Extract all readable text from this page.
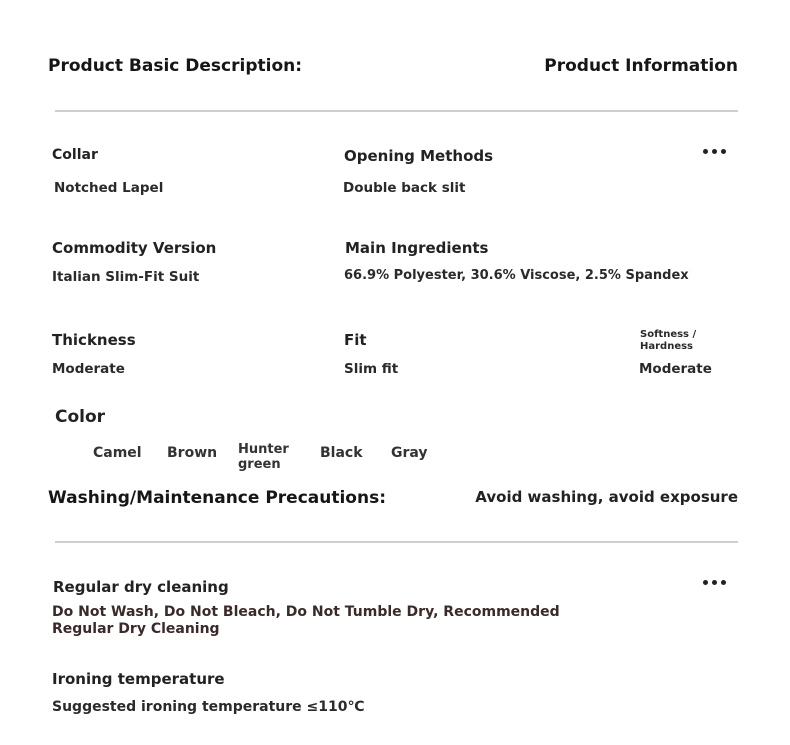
Product Basic Description:	Product Information
Collar
Notched Lapel
Opening Methods
Double back slit
Commodity Version
Italian Slim-Fit Suit
Main Ingredients
66.9% Polyester, 30.6% Viscose, 2.5% Spandex
Thickness
Moderate
Fit
Slim fit
Softness / Hardness
Moderate
Color
Camel Brown Hunter green
Black Gray
Washing/Maintenance Precautions:	Avoid washing, avoid exposure
Regular dry cleaning
Do Not Wash, Do Not Bleach, Do Not Tumble Dry, Recommended Regular Dry Cleaning
Ironing temperature
Suggested ironing temperature ≤110℃
